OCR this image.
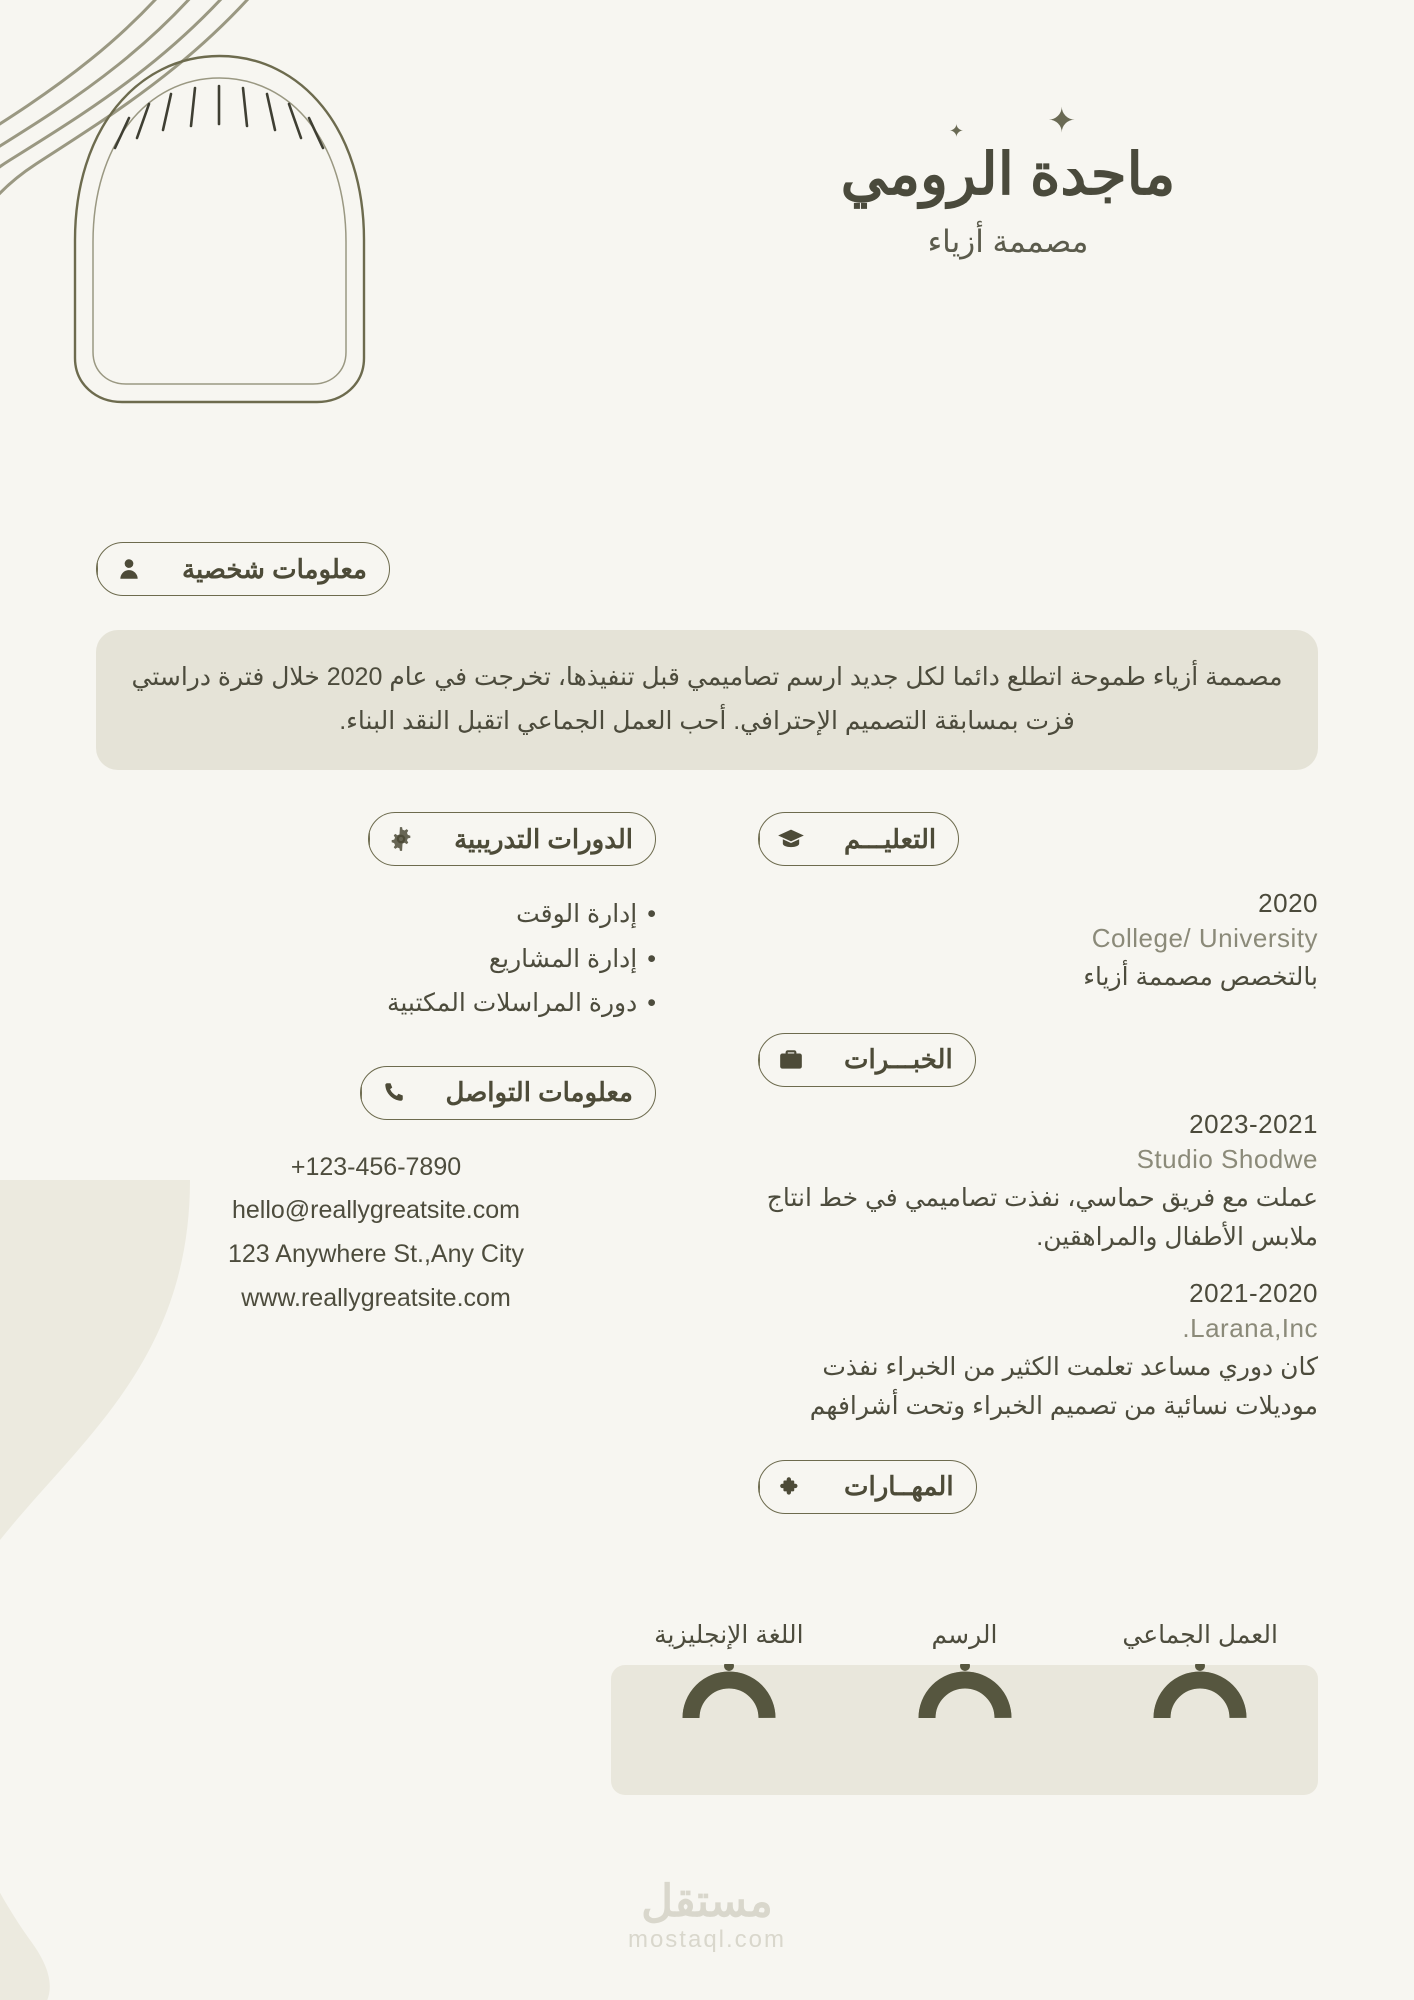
ماجدة الرومي

مصممة أزياء

✦
✦
معلومات شخصية

مصممة أزياء طموحة اتطلع دائما لكل جديد ارسم تصاميمي قبل تنفيذها، تخرجت في عام 2020 خلال فترة دراستي فزت بمسابقة التصميم الإحترافي. أحب العمل الجماعي اتقبل النقد البناء.

التعليـــم

2020

College/ University

بالتخصص مصممة أزياء

الخبـــرات

2023-2021

Studio Shodwe

عملت مع فريق حماسي، نفذت تصاميمي في خط انتاج ملابس الأطفال والمراهقين.

2021-2020

Larana,Inc.

كان دوري مساعد تعلمت الكثير من الخبراء نفذت موديلات نسائية من تصميم الخبراء وتحت أشرافهم

المهــارات
الدورات التدريبية
• إدارة الوقت
• إدارة المشاريع
• دورة المراسلات المكتبية
معلومات التواصل
+123-456-7890
hello@reallygreatsite.com
123 Anywhere St.,Any City
www.reallygreatsite.com
العمل الجماعي
الرسم
اللغة الإنجليزية
مستقل
mostaql.com
